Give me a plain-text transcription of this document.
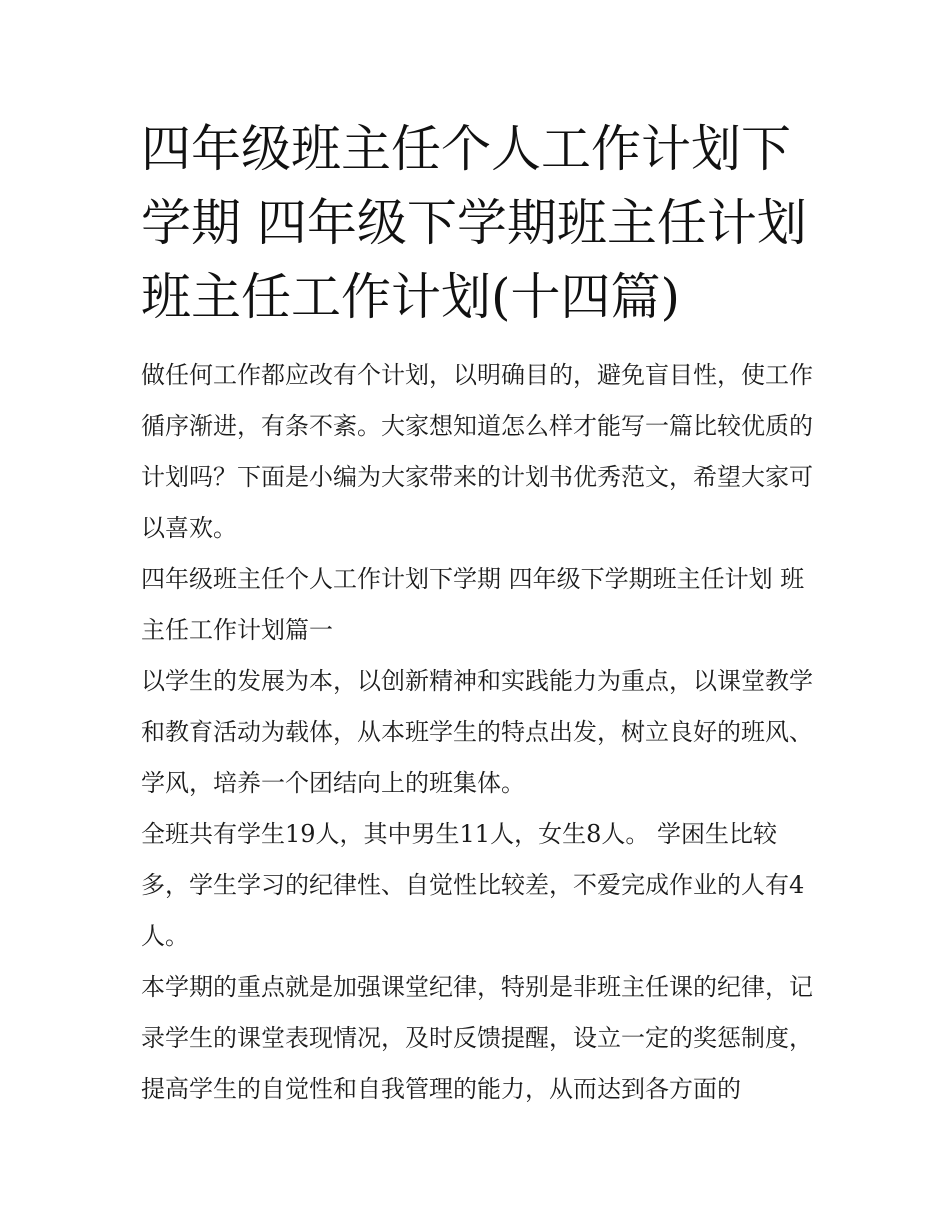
四年级班主任个人工作计划下学期 四年级下学期班主任计划 班主任工作计划(十四篇)

做任何工作都应改有个计划，以明确目的，避免盲目性，使工作循序渐进，有条不紊。大家想知道怎么样才能写一篇比较优质的计划吗？下面是小编为大家带来的计划书优秀范文，希望大家可以喜欢。

四年级班主任个人工作计划下学期 四年级下学期班主任计划 班主任工作计划篇一

以学生的发展为本，以创新精神和实践能力为重点，以课堂教学和教育活动为载体，从本班学生的特点出发，树立良好的班风、学风，培养一个团结向上的班集体。

全班共有学生19人，其中男生11人，女生8人。 学困生比较多，学生学习的纪律性、自觉性比较差，不爱完成作业的人有4人。

本学期的重点就是加强课堂纪律，特别是非班主任课的纪律，记录学生的课堂表现情况，及时反馈提醒，设立一定的奖惩制度，提高学生的自觉性和自我管理的能力，从而达到各方面的
